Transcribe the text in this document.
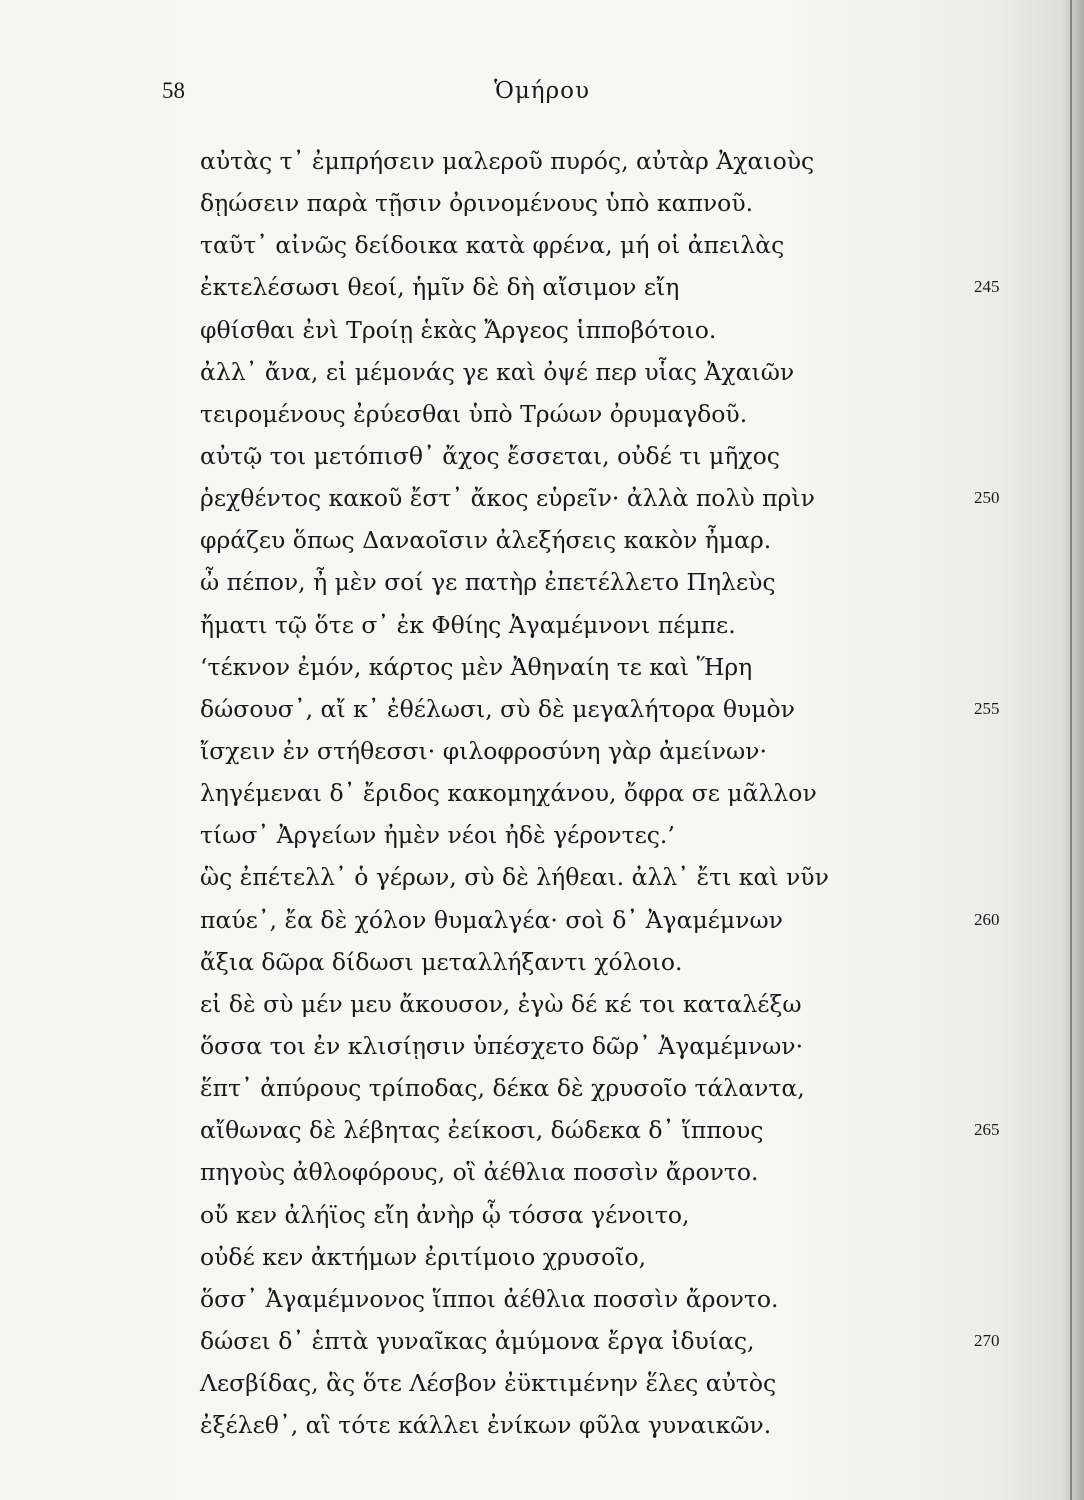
58	Ὁμήρου
αὐτὰς τ᾽ ἐμπρήσειν μαλεροῦ πυρός, αὐτὰρ Ἀχαιοὺς
δῃώσειν παρὰ τῇσιν ὀρινομένους ὑπὸ καπνοῦ.
ταῦτ᾽ αἰνῶς δείδοικα κατὰ φρένα, μή οἱ ἀπειλὰς
ἐκτελέσωσι θεοί, ἡμῖν δὲ δὴ αἴσιμον εἴη	245
φθίσθαι ἐνὶ Τροίῃ ἑκὰς Ἄργεος ἱπποβότοιο.
ἀλλ᾽ ἄνα, εἰ μέμονάς γε καὶ ὀψέ περ υἷας Ἀχαιῶν
τειρομένους ἐρύεσθαι ὑπὸ Τρώων ὀρυμαγδοῦ.
αὐτῷ τοι μετόπισθ᾽ ἄχος ἔσσεται, οὐδέ τι μῆχος
ῥεχθέντος κακοῦ ἔστ᾽ ἄκος εὑρεῖν· ἀλλὰ πολὺ πρὶν	250
φράζευ ὅπως Δαναοῖσιν ἀλεξήσεις κακὸν ἦμαρ.
ὦ πέπον, ἦ μὲν σοί γε πατὴρ ἐπετέλλετο Πηλεὺς
ἤματι τῷ ὅτε σ᾽ ἐκ Φθίης Ἀγαμέμνονι πέμπε.
‘τέκνον ἐμόν, κάρτος μὲν Ἀθηναίη τε καὶ Ἥρη
δώσουσ᾽, αἴ κ᾽ ἐθέλωσι, σὺ δὲ μεγαλήτορα θυμὸν	255
ἴσχειν ἐν στήθεσσι· φιλοφροσύνη γὰρ ἀμείνων·
ληγέμεναι δ᾽ ἔριδος κακομηχάνου, ὄφρα σε μᾶλλον
τίωσ᾽ Ἀργείων ἠμὲν νέοι ἠδὲ γέροντες.’
ὣς ἐπέτελλ᾽ ὁ γέρων, σὺ δὲ λήθεαι. ἀλλ᾽ ἔτι καὶ νῦν
παύε᾽, ἔα δὲ χόλον θυμαλγέα· σοὶ δ᾽ Ἀγαμέμνων	260
ἄξια δῶρα δίδωσι μεταλλήξαντι χόλοιο.
εἰ δὲ σὺ μέν μευ ἄκουσον, ἐγὼ δέ κέ τοι καταλέξω
ὅσσα τοι ἐν κλισίῃσιν ὑπέσχετο δῶρ᾽ Ἀγαμέμνων·
ἕπτ᾽ ἀπύρους τρίποδας, δέκα δὲ χρυσοῖο τάλαντα,
αἴθωνας δὲ λέβητας ἐείκοσι, δώδεκα δ᾽ ἵππους	265
πηγοὺς ἀθλοφόρους, οἳ ἀέθλια ποσσὶν ἄροντο.
οὔ κεν ἀλήϊος εἴη ἀνὴρ ᾧ τόσσα γένοιτο,
οὐδέ κεν ἀκτήμων ἐριτίμοιο χρυσοῖο,
ὅσσ᾽ Ἀγαμέμνονος ἵπποι ἀέθλια ποσσὶν ἄροντο.
δώσει δ᾽ ἑπτὰ γυναῖκας ἀμύμονα ἔργα ἰδυίας,	270
Λεσβίδας, ἃς ὅτε Λέσβον ἐϋκτιμένην ἕλες αὐτὸς
ἐξέλεθ᾽, αἳ τότε κάλλει ἐνίκων φῦλα γυναικῶν.
